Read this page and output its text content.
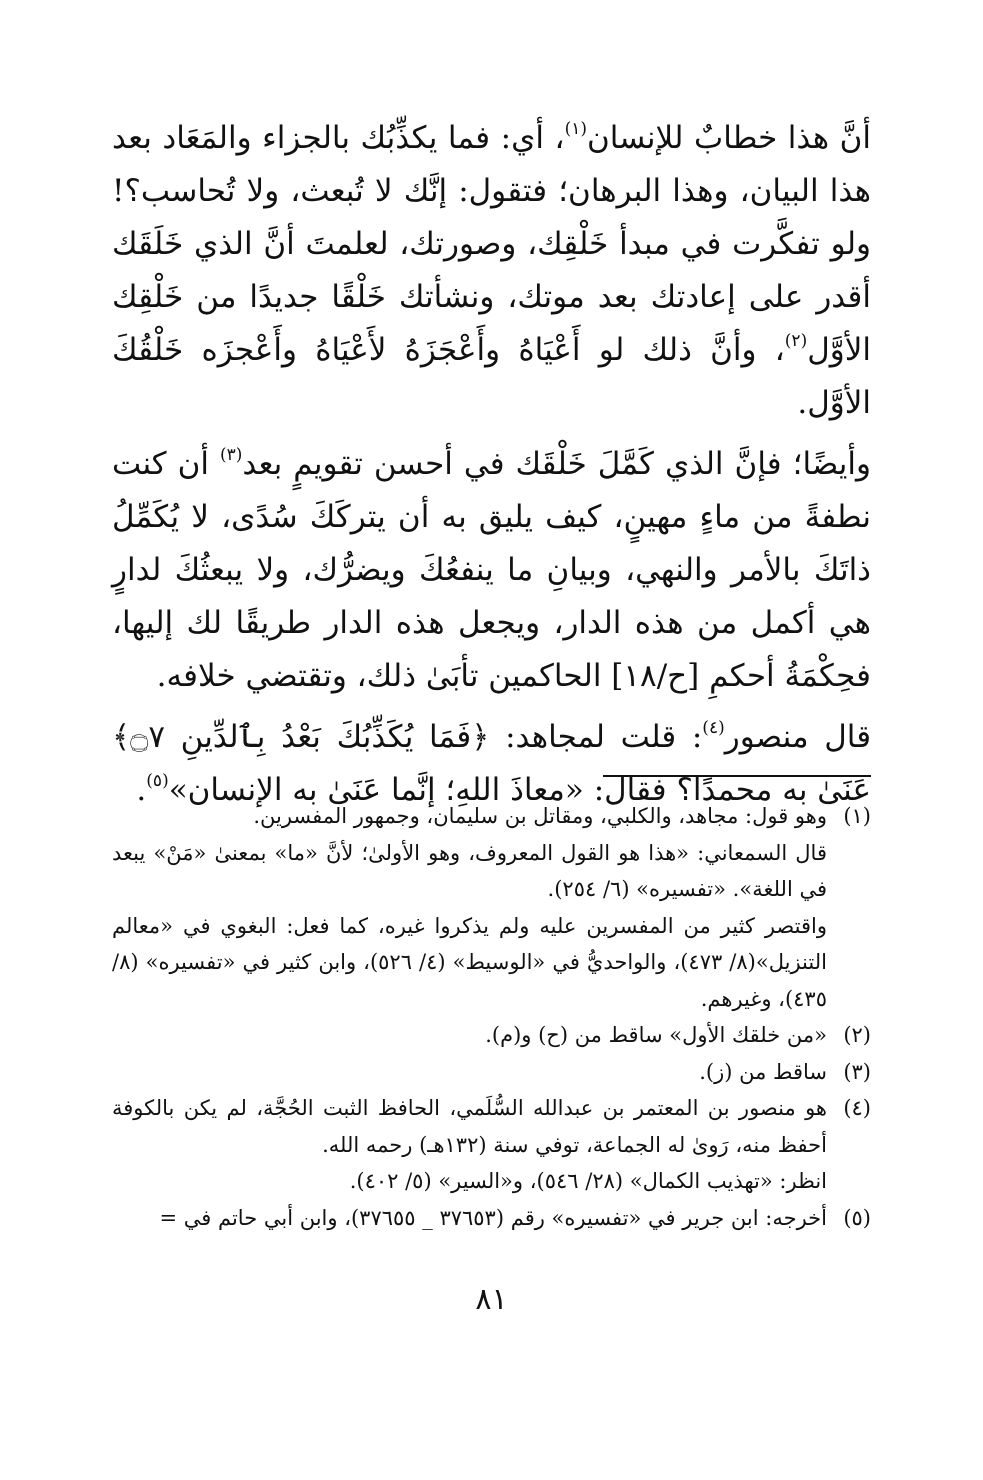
أنَّ هذا خطابٌ للإنسان$^{(١)}$، أي: فما يكذِّبُك بالجزاء والمَعَاد بعد هذا البيان، وهذا البرهان؛ فتقول: إنَّك لا تُبعث، ولا تُحاسب؟! ولو تفكَّرت في مبدأ خَلْقِك، وصورتك، لعلمتَ أنَّ الذي خَلَقَك أقدر على إعادتك بعد موتك، ونشأتك خَلْقًا جديدًا من خَلْقِك الأوَّل$^{(٢)}$، وأنَّ ذلك لو أَعْيَاهُ وأَعْجَزَهُ لأَعْيَاهُ وأَعْجزَه خَلْقُكَ الأوَّل.

وأيضًا؛ فإنَّ الذي كَمَّلَ خَلْقَك في أحسن تقويمٍ بعد$^{(٣)}$ أن كنت نطفةً من ماءٍ مهينٍ، كيف يليق به أن يتركَكَ سُدًى، لا يُكَمِّلُ ذاتَكَ بالأمر والنهي، وبيانِ ما ينفعُكَ ويضرُّك، ولا يبعثُكَ لدارٍ هي أكمل من هذه الدار، ويجعل هذه الدار طريقًا لك إليها، فحِكْمَةُ أحكمِ [ح/١٨] الحاكمين تأبَىٰ ذلك، وتقتضي خلافه.

قال منصور$^{(٤)}$: قلت لمجاهد: ﴿فَمَا يُكَذِّبُكَ بَعْدُ بِٱلدِّينِ ۝٧﴾ عَنَىٰ به محمدًا؟ فقال: «معاذَ اللهِ؛ إنَّما عَنَىٰ به الإنسان»$^{(٥)}$.

(١)

وهو قول: مجاهد، والكلبي، ومقاتل بن سليمان، وجمهور المفسرين.

قال السمعاني: «هذا هو القول المعروف، وهو الأولىٰ؛ لأنَّ «ما» بمعنىٰ «مَنْ» يبعد في اللغة». «تفسيره» (٦/ ٢٥٤).

واقتصر كثير من المفسرين عليه ولم يذكروا غيره، كما فعل: البغوي في «معالم التنزيل»(٨/ ٤٧٣)، والواحديُّ في «الوسيط» (٤/ ٥٢٦)، وابن كثير في «تفسيره» (٨/ ٤٣٥)، وغيرهم.

(٢)

«من خلقك الأول» ساقط من (ح) و(م).

(٣)

ساقط من (ز).

(٤)

هو منصور بن المعتمر بن عبدالله السُّلَمي، الحافظ الثبت الحُجَّة، لم يكن بالكوفة أحفظ منه، رَوىٰ له الجماعة، توفي سنة (١٣٢هـ) رحمه الله.

انظر: «تهذيب الكمال» (٢٨/ ٥٤٦)، و«السير» (٥/ ٤٠٢).

(٥)

أخرجه: ابن جرير في «تفسيره» رقم (٣٧٦٥٣ _ ٣٧٦٥٥)، وابن أبي حاتم في =

٨١
